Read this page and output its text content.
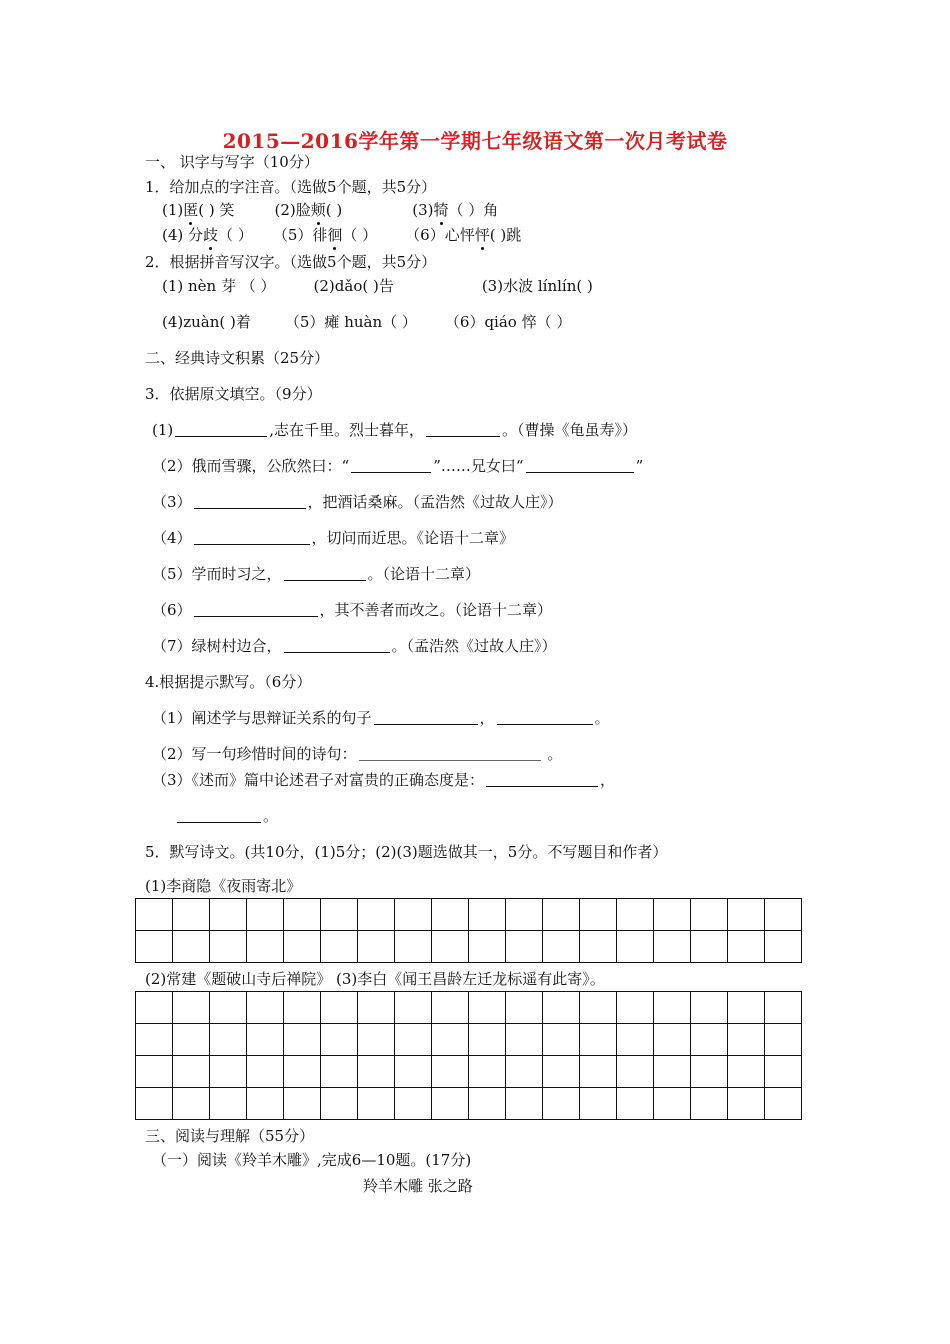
2015—2016学年第一学期七年级语文第一次月考试卷
一、 识字与写字（10分）
1．给加点的字注音。（选做5个题，共5分）
(1)匿( ) 笑	(2)脸颊( )	(3)犄（ ）角
(4) 分歧（ ） （5）徘徊（ ） （6）心怦怦( )跳
2．根据拼音写汉字。（选做5个题，共5分）
(1) nèn 芽 （ ）	(2)dǎo( )告	(3)水波 línlín( )
(4)zuàn( )着 （5）瘫 huàn（ ） （6）qiáo 悴（ ）
二、经典诗文积累（25分）
3．依据原文填空。（9分）
(1)	,志在千里。烈士暮年，	。（曹操《龟虽寿》）
（2）俄而雪骤，公欣然曰：“	”……兄女曰“	”
（3）	，把酒话桑麻。（孟浩然《过故人庄》）
（4）	，切问而近思。《论语十二章》
（5）学而时习之，	。（论语十二章）
（6）	，其不善者而改之。（论语十二章）
（7）绿树村边合，	。（孟浩然《过故人庄》）
4.根据提示默写。（6分）
（1）阐述学与思辩证关系的句子	，	。
（2）写一句珍惜时间的诗句：	。
（3）《述而》篇中论述君子对富贵的正确态度是：	，
。
5．默写诗文。(共10分，(1)5分；(2)(3)题选做其一，5分。不写题目和作者）
(1)李商隐《夜雨寄北》

(2)常建《题破山寺后禅院》 (3)李白《闻王昌龄左迁龙标遥有此寄》。

三、阅读与理解（55分）
（一）阅读《羚羊木雕》,完成6—10题。(17分)
羚羊木雕 张之路
